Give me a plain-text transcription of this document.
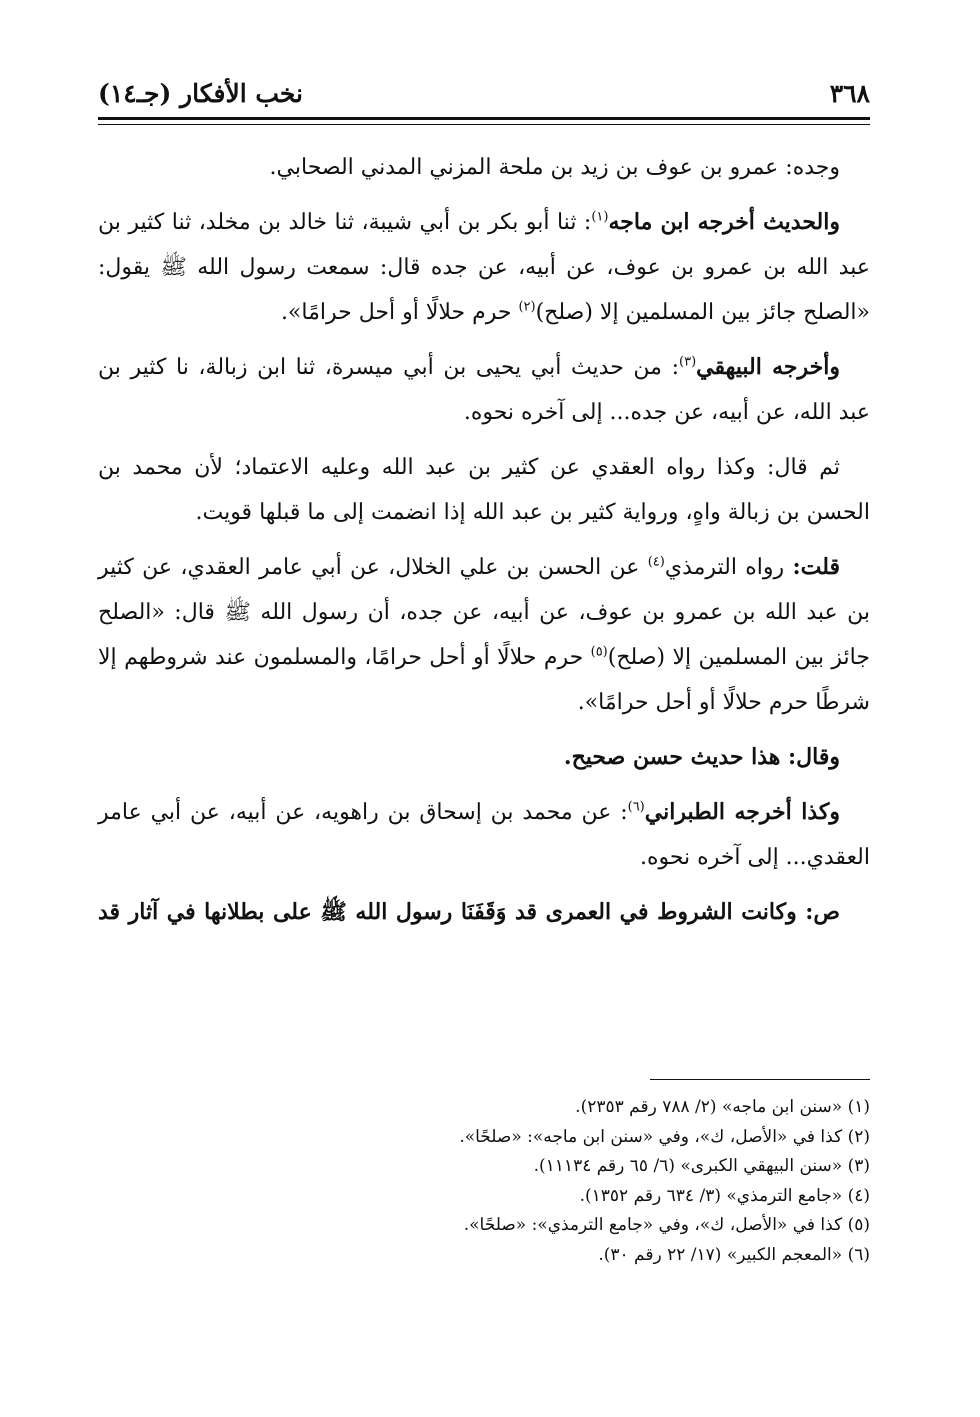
٣٦٨
نخب الأفكار (جـ١٤)

وجده: عمرو بن عوف بن زيد بن ملحة المزني المدني الصحابي.

والحديث أخرجه ابن ماجه$^{(١)}$: ثنا أبو بكر بن أبي شيبة، ثنا خالد بن مخلد، ثنا كثير بن عبد الله بن عمرو بن عوف، عن أبيه، عن جده قال: سمعت رسول الله ﷺ يقول: «الصلح جائز بين المسلمين إلا (صلح)$^{(٢)}$ حرم حلالًا أو أحل حرامًا».

وأخرجه البيهقي$^{(٣)}$: من حديث أبي يحيى بن أبي ميسرة، ثنا ابن زبالة، نا كثير بن عبد الله، عن أبيه، عن جده... إلى آخره نحوه.

ثم قال: وكذا رواه العقدي عن كثير بن عبد الله وعليه الاعتماد؛ لأن محمد بن الحسن بن زبالة واهٍ، ورواية كثير بن عبد الله إذا انضمت إلى ما قبلها قويت.

قلت: رواه الترمذي$^{(٤)}$ عن الحسن بن علي الخلال، عن أبي عامر العقدي، عن كثير بن عبد الله بن عمرو بن عوف، عن أبيه، عن جده، أن رسول الله ﷺ قال: «الصلح جائز بين المسلمين إلا (صلح)$^{(٥)}$ حرم حلالًا أو أحل حرامًا، والمسلمون عند شروطهم إلا شرطًا حرم حلالًا أو أحل حرامًا».

وقال: هذا حديث حسن صحيح.

وكذا أخرجه الطبراني$^{(٦)}$: عن محمد بن إسحاق بن راهويه، عن أبيه، عن أبي عامر العقدي... إلى آخره نحوه.

ص: وكانت الشروط في العمرى قد وَقَفَنَا رسول الله ﷺ على بطلانها في آثار قد

(١) «سنن ابن ماجه» (٢/ ٧٨٨ رقم ٢٣٥٣).
(٢) كذا في «الأصل، ك»، وفي «سنن ابن ماجه»: «صلحًا».
(٣) «سنن البيهقي الكبرى» (٦/ ٦٥ رقم ١١١٣٤).
(٤) «جامع الترمذي» (٣/ ٦٣٤ رقم ١٣٥٢).
(٥) كذا في «الأصل، ك»، وفي «جامع الترمذي»: «صلحًا».
(٦) «المعجم الكبير» (١٧/ ٢٢ رقم ٣٠).
